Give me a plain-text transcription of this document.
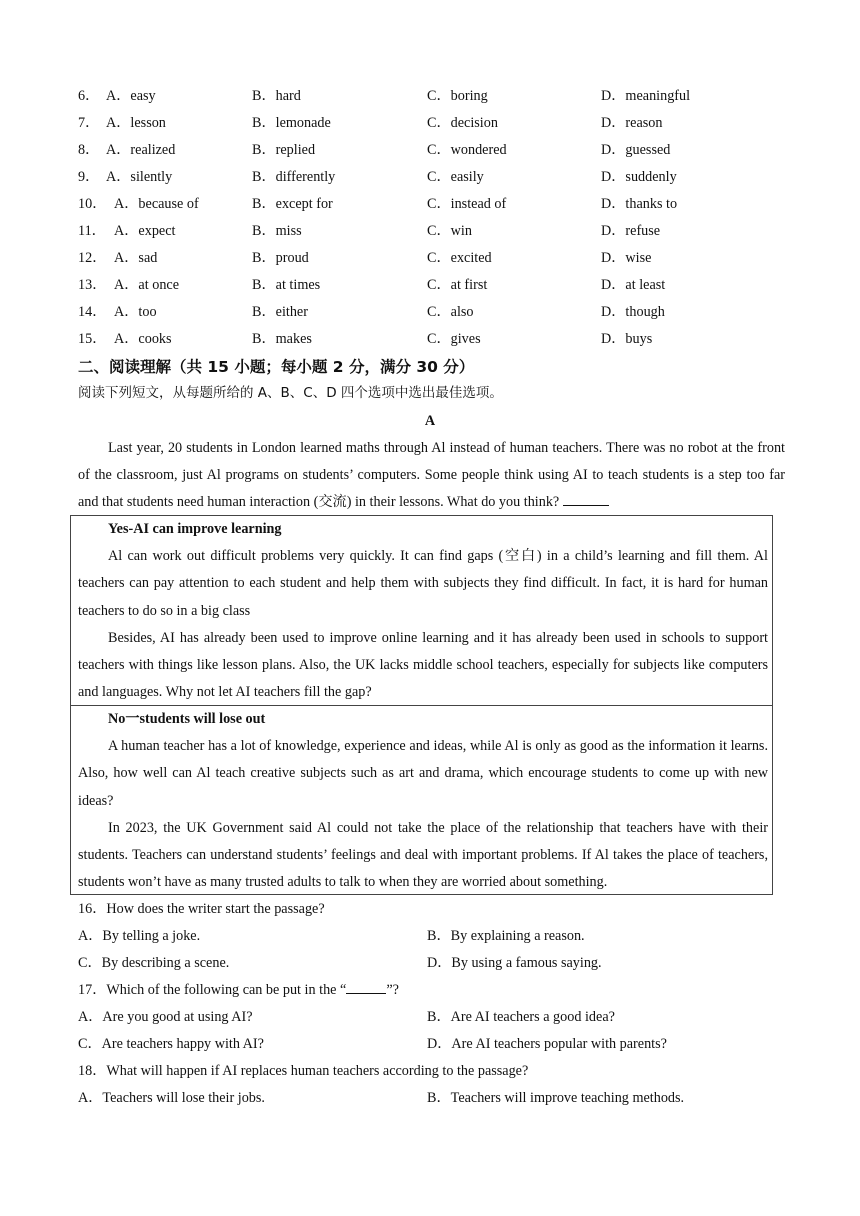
6． A．easy	B．hard	C．boring	D．meaningful
7． A．lesson	B．lemonade	C．decision	D．reason
8． A．realized	B．replied	C．wondered	D．guessed
9． A．silently	B．differently	C．easily	D．suddenly
10． A．because of	B．except for	C．instead of	D．thanks to
11． A．expect	B．miss	C．win	D．refuse
12． A．sad	B．proud	C．excited	D．wise
13． A．at once	B．at times	C．at first	D．at least
14． A．too	B．either	C．also	D．though
15． A．cooks	B．makes	C．gives	D．buys
二、阅读理解（共 15 小题；每小题 2 分，满分 30 分）
阅读下列短文，从每题所给的 A、B、C、D 四个选项中选出最佳选项。
A

Last year, 20 students in London learned maths through Al instead of human teachers. There was no robot at the front of the classroom, just Al programs on students’ computers. Some people think using AI to teach students is a step too far and that students need human interaction (交流) in their lessons. What do you think?

Yes-AI can improve learning

Al can work out difficult problems very quickly. It can find gaps (空白) in a child’s learning and fill them. Al teachers can pay attention to each student and help them with subjects they find difficult. In fact, it is hard for human teachers to do so in a big class

Besides, AI has already been used to improve online learning and it has already been used in schools to support teachers with things like lesson plans. Also, the UK lacks middle school teachers, especially for subjects like computers and languages. Why not let AI teachers fill the gap?

No一students will lose out

A human teacher has a lot of knowledge, experience and ideas, while Al is only as good as the information it learns. Also, how well can Al teach creative subjects such as art and drama, which encourage students to come up with new ideas?

In 2023, the UK Government said Al could not take the place of the relationship that teachers have with their students. Teachers can understand students’ feelings and deal with important problems. If Al takes the place of teachers, students won’t have as many trusted adults to talk to when they are worried about something.

16．How does the writer start the passage?
A．By telling a joke.	B．By explaining a reason.
C．By describing a scene.	D．By using a famous saying.
17．Which of the following can be put in the “	”?
A．Are you good at using AI?	B．Are AI teachers a good idea?
C．Are teachers happy with AI?	D．Are AI teachers popular with parents?
18．What will happen if AI replaces human teachers according to the passage?
A．Teachers will lose their jobs.	B．Teachers will improve teaching methods.
